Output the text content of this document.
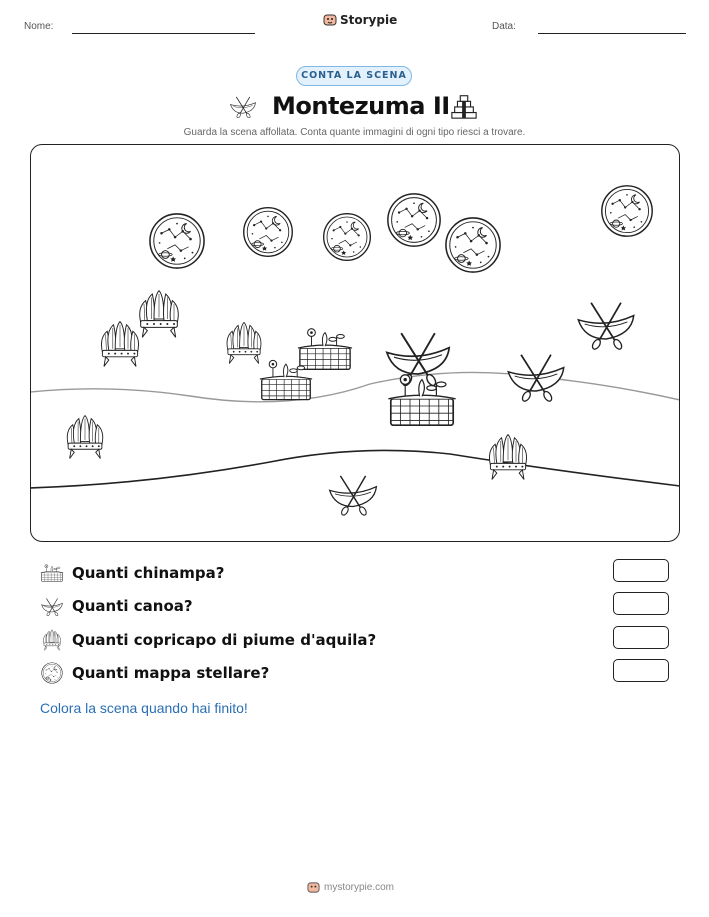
Nome:	Storypie	Data:
CONTA LA SCENA
Montezuma II
Guarda la scena affollata. Conta quante immagini di ogni tipo riesci a trovare.
Quanti chinampa?
Quanti canoa?
Quanti copricapo di piume d'aquila?
Quanti mappa stellare?
Colora la scena quando hai finito!
mystorypie.com
